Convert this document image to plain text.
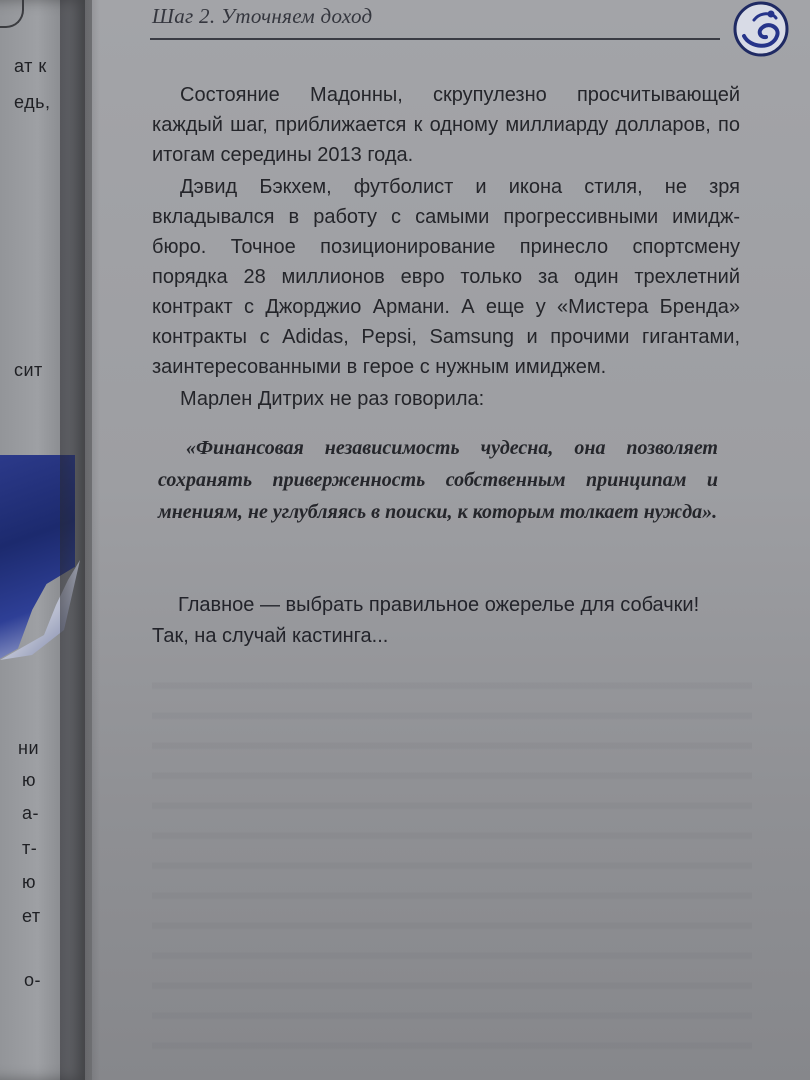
ат к
едь,
сит
ни
ю
а-
т-
ю
ет
о-
Шаг 2. Уточняем доход

Состояние Мадонны, скрупулезно просчитывающей каждый шаг, приближается к одному миллиарду долларов, по итогам середины 2013 года.

Дэвид Бэкхем, футболист и икона стиля, не зря вкладывался в работу с самыми прогрессивными имидж-бюро. Точное позиционирование принесло спортсмену порядка 28 миллионов евро только за один трехлетний контракт с Джорджио Армани. А еще у «Мистера Бренда» контракты с Adidas, Pepsi, Samsung и прочими гигантами, заинтересованными в герое с нужным имиджем.

Марлен Дитрих не раз говорила:

«Финансовая независимость чудесна, она позволяет сохранять приверженность собственным принципам и мнениям, не углубляясь в поиски, к которым толкает нужда».

Главное — выбрать правильное ожерелье для собачки!

Так, на случай кастинга...
